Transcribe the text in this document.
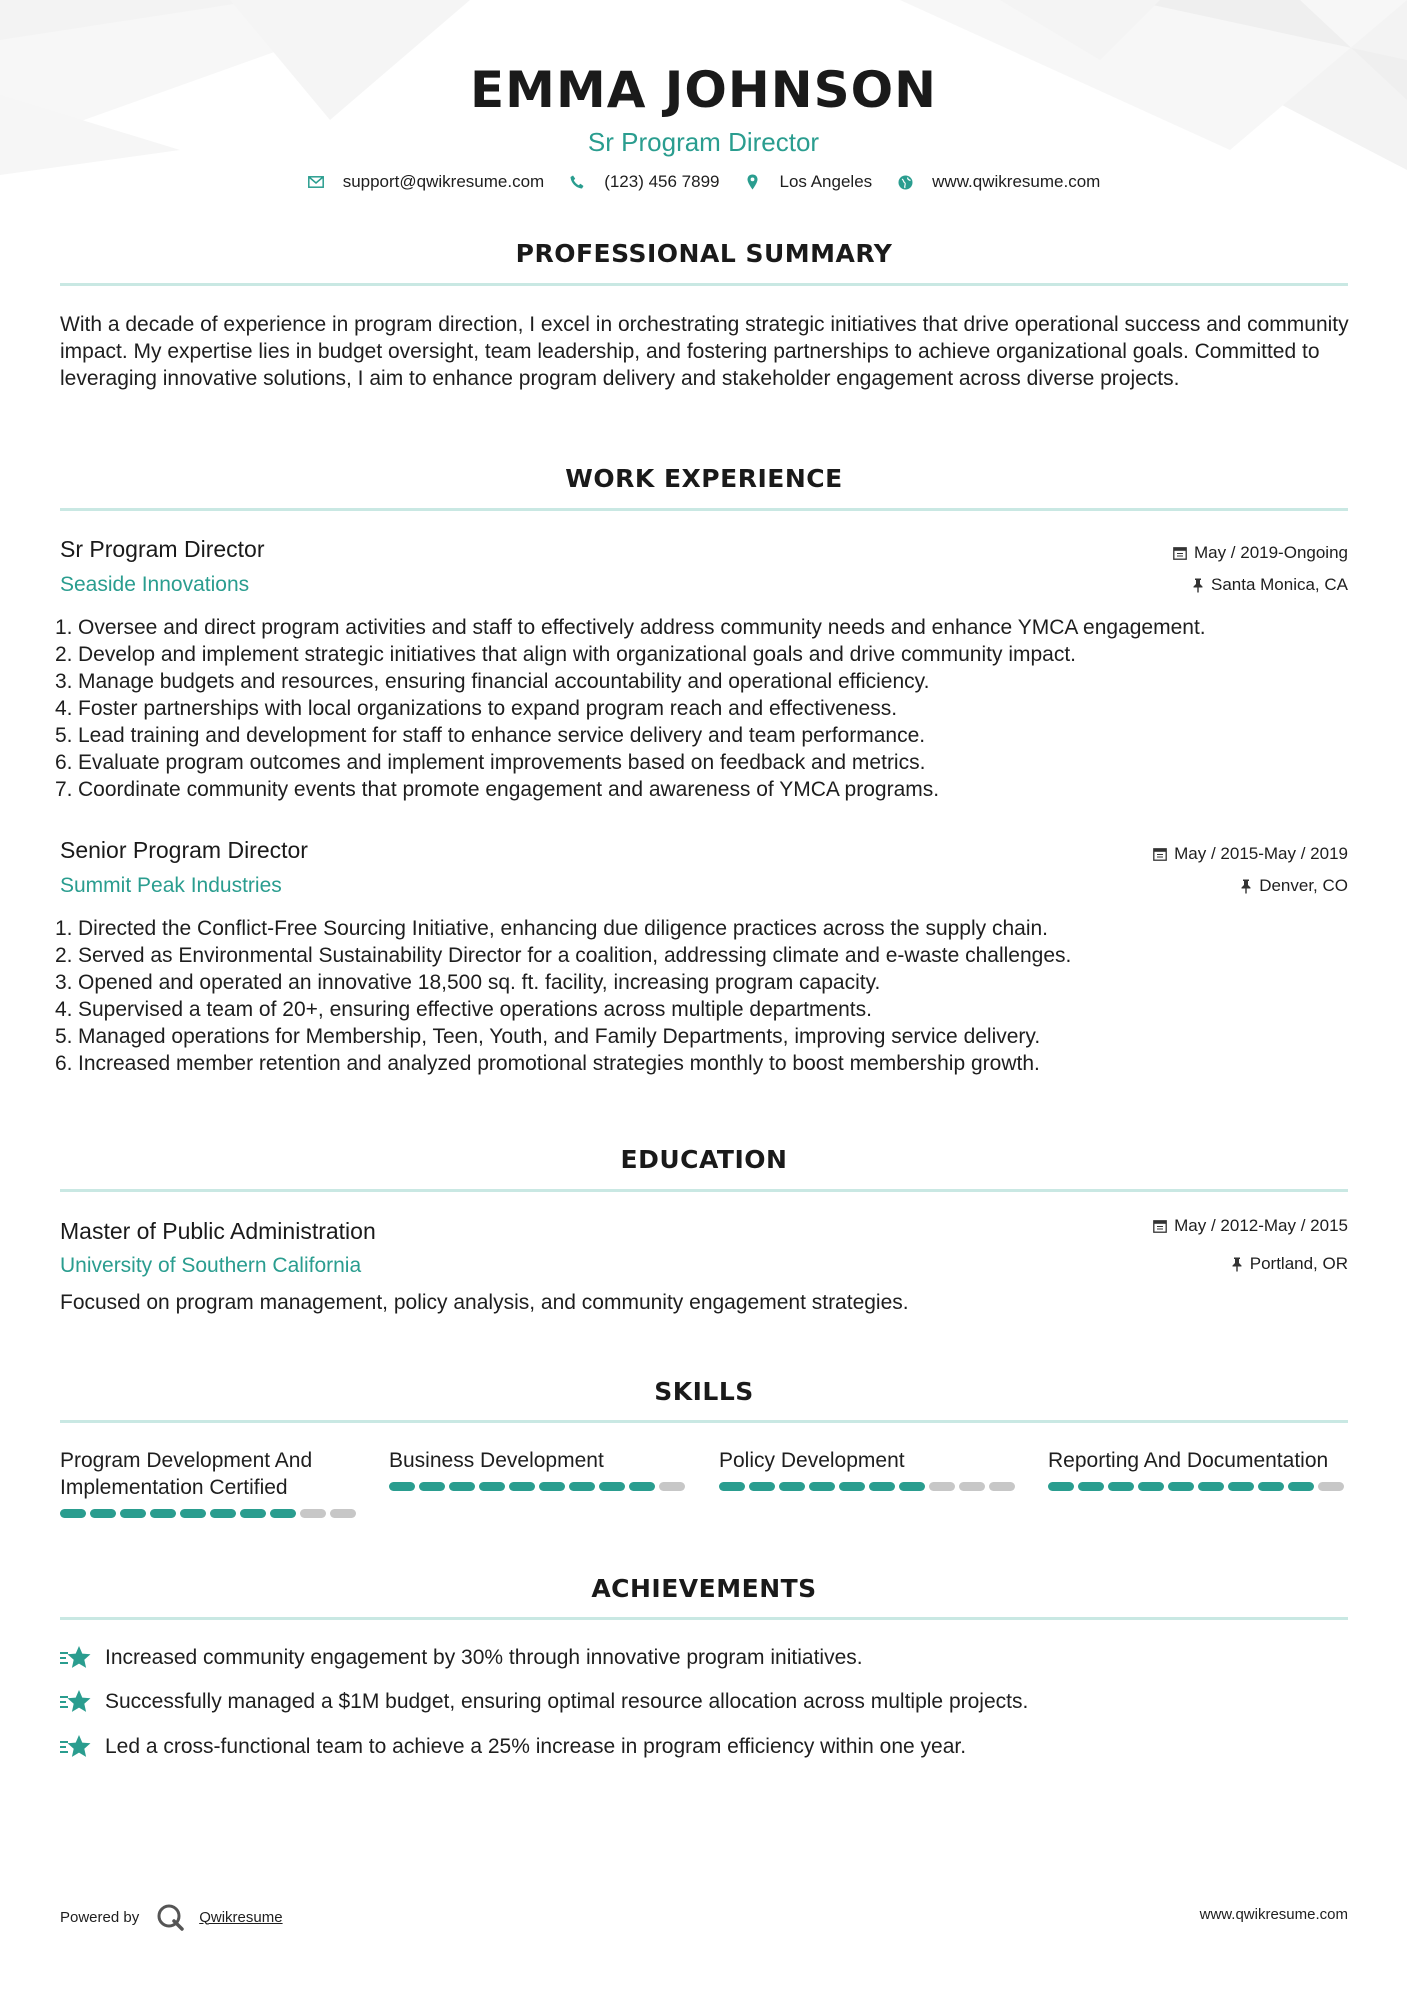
EMMA JOHNSON
Sr Program Director
support@qwikresume.com	(123) 456 7899	Los Angeles	www.qwikresume.com
PROFESSIONAL SUMMARY
With a decade of experience in program direction, I excel in orchestrating strategic initiatives that drive operational success and community impact. My expertise lies in budget oversight, team leadership, and fostering partnerships to achieve organizational goals. Committed to leveraging innovative solutions, I aim to enhance program delivery and stakeholder engagement across diverse projects.
WORK EXPERIENCE
Sr Program Director
Seaside Innovations
May / 2019-Ongoing
Santa Monica, CA
1. Oversee and direct program activities and staff to effectively address community needs and enhance YMCA engagement.
2. Develop and implement strategic initiatives that align with organizational goals and drive community impact.
3. Manage budgets and resources, ensuring financial accountability and operational efficiency.
4. Foster partnerships with local organizations to expand program reach and effectiveness.
5. Lead training and development for staff to enhance service delivery and team performance.
6. Evaluate program outcomes and implement improvements based on feedback and metrics.
7. Coordinate community events that promote engagement and awareness of YMCA programs.
Senior Program Director
Summit Peak Industries
May / 2015-May / 2019
Denver, CO
1. Directed the Conflict-Free Sourcing Initiative, enhancing due diligence practices across the supply chain.
2. Served as Environmental Sustainability Director for a coalition, addressing climate and e-waste challenges.
3. Opened and operated an innovative 18,500 sq. ft. facility, increasing program capacity.
4. Supervised a team of 20+, ensuring effective operations across multiple departments.
5. Managed operations for Membership, Teen, Youth, and Family Departments, improving service delivery.
6. Increased member retention and analyzed promotional strategies monthly to boost membership growth.
EDUCATION
Master of Public Administration
University of Southern California
May / 2012-May / 2015
Portland, OR
Focused on program management, policy analysis, and community engagement strategies.
SKILLS
Program Development And
Implementation Certified
Business Development	Policy Development	Reporting And Documentation
ACHIEVEMENTS
Increased community engagement by 30% through innovative program initiatives.
Successfully managed a $1M budget, ensuring optimal resource allocation across multiple projects.
Led a cross-functional team to achieve a 25% increase in program efficiency within one year.
Powered by	Qwikresume	www.qwikresume.com
